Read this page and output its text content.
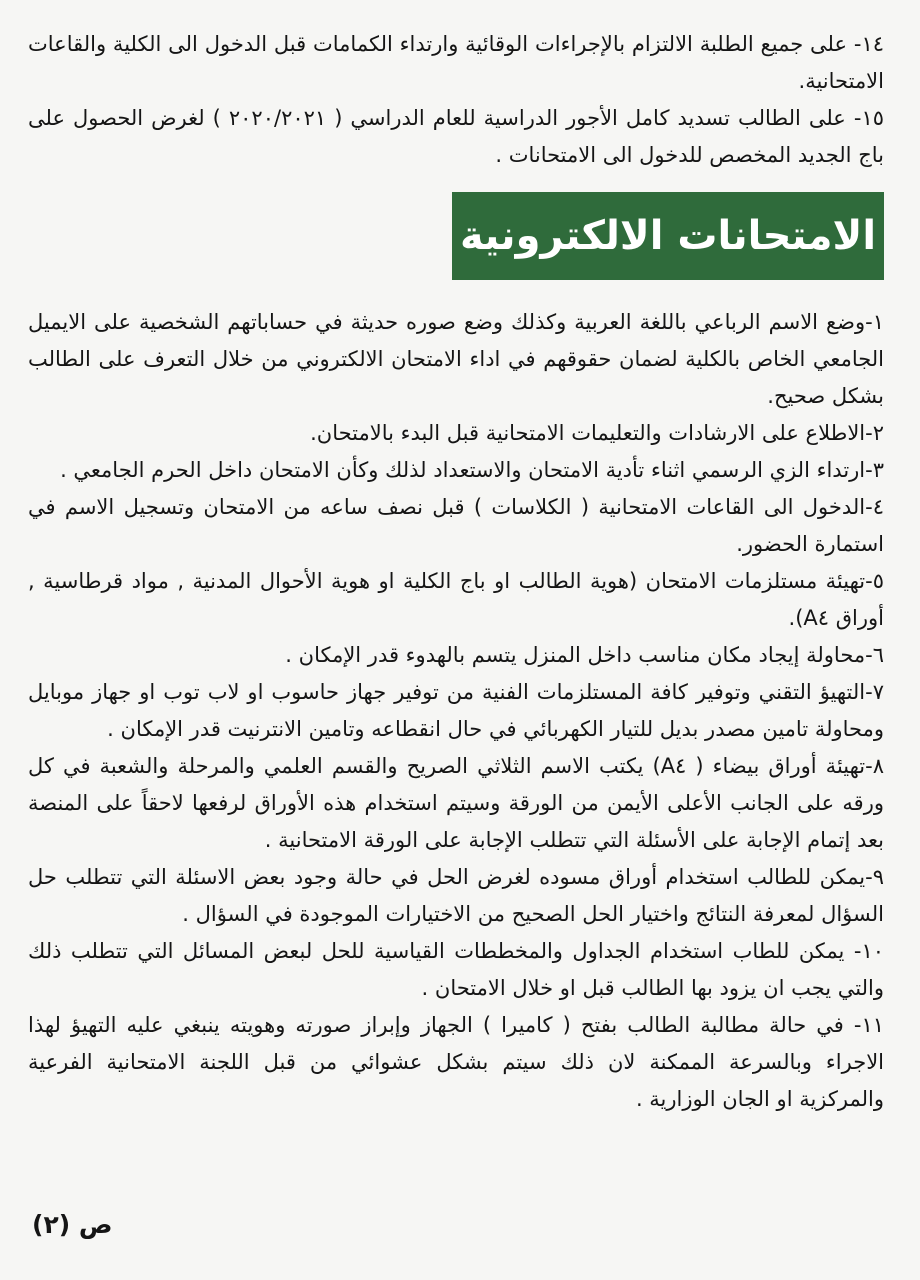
١٤- على جميع الطلبة الالتزام بالإجراءات الوقائية وارتداء الكمامات قبل الدخول الى الكلية والقاعات الامتحانية.

١٥- على الطالب تسديد كامل الأجور الدراسية للعام الدراسي ( ٢٠٢٠/٢٠٢١ ) لغرض الحصول على باج الجديد المخصص للدخول الى الامتحانات .

الامتحانات الالكترونية

١-وضع الاسم الرباعي باللغة العربية وكذلك وضع صوره حديثة في حساباتهم الشخصية على الايميل الجامعي الخاص بالكلية لضمان حقوقهم في اداء الامتحان الالكتروني من خلال التعرف على الطالب بشكل صحيح.

٢-الاطلاع على الارشادات والتعليمات الامتحانية قبل البدء بالامتحان.

٣-ارتداء الزي الرسمي اثناء تأدية الامتحان والاستعداد لذلك وكأن الامتحان داخل الحرم الجامعي .

٤-الدخول الى القاعات الامتحانية ( الكلاسات ) قبل نصف ساعه من الامتحان وتسجيل الاسم في استمارة الحضور.

٥-تهيئة مستلزمات الامتحان (هوية الطالب او باج الكلية او هوية الأحوال المدنية , مواد قرطاسية , أوراق A٤).

٦-محاولة إيجاد مكان مناسب داخل المنزل يتسم بالهدوء قدر الإمكان .

٧-التهيؤ التقني وتوفير كافة المستلزمات الفنية من توفير جهاز حاسوب او لاب توب او جهاز موبايل ومحاولة تامين مصدر بديل للتيار الكهربائي في حال انقطاعه وتامين الانترنيت قدر الإمكان .

٨-تهيئة أوراق بيضاء ( A٤) يكتب الاسم الثلاثي الصريح والقسم العلمي والمرحلة والشعبة في كل ورقه على الجانب الأعلى الأيمن من الورقة وسيتم استخدام هذه الأوراق لرفعها لاحقاً على المنصة بعد إتمام الإجابة على الأسئلة التي تتطلب الإجابة على الورقة الامتحانية .

٩-يمكن للطالب استخدام أوراق مسوده لغرض الحل في حالة وجود بعض الاسئلة التي تتطلب حل السؤال لمعرفة النتائج واختيار الحل الصحيح من الاختيارات الموجودة في السؤال .

١٠- يمكن للطاب استخدام الجداول والمخططات القياسية للحل لبعض المسائل التي تتطلب ذلك والتي يجب ان يزود بها الطالب قبل او خلال الامتحان .

١١- في حالة مطالبة الطالب بفتح ( كاميرا ) الجهاز وإبراز صورته وهويته ينبغي عليه التهيؤ لهذا الاجراء وبالسرعة الممكنة لان ذلك سيتم بشكل عشوائي من قبل اللجنة الامتحانية الفرعية والمركزية او الجان الوزارية .

ص (٢)
